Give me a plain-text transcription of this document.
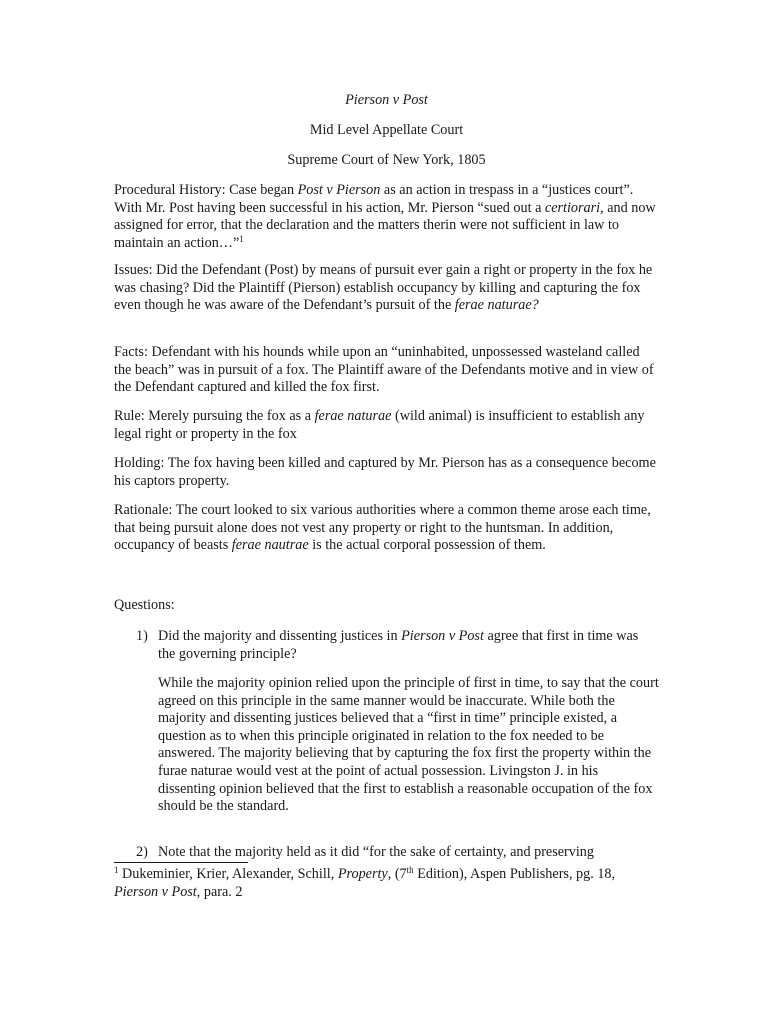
Pierson v Post
Mid Level Appellate Court
Supreme Court of New York, 1805
Procedural History: Case began Post v Pierson as an action in trespass in a “justices court”. With Mr. Post having been successful in his action, Mr. Pierson “sued out a certiorari, and now assigned for error, that the declaration and the matters therin were not sufficient in law to maintain an action…”$^1$
Issues: Did the Defendant (Post) by means of pursuit ever gain a right or property in the fox he was chasing? Did the Plaintiff (Pierson) establish occupancy by killing and capturing the fox even though he was aware of the Defendant’s pursuit of the ferae naturae?
Facts: Defendant with his hounds while upon an “uninhabited, unpossessed wasteland called the beach” was in pursuit of a fox. The Plaintiff aware of the Defendants motive and in view of the Defendant captured and killed the fox first.
Rule: Merely pursuing the fox as a ferae naturae (wild animal) is insufficient to establish any legal right or property in the fox
Holding: The fox having been killed and captured by Mr. Pierson has as a consequence become his captors property.
Rationale: The court looked to six various authorities where a common theme arose each time, that being pursuit alone does not vest any property or right to the huntsman. In addition, occupancy of beasts ferae nautrae is the actual corporal possession of them.
Questions:
1) Did the majority and dissenting justices in Pierson v Post agree that first in time was the governing principle?
While the majority opinion relied upon the principle of first in time, to say that the court agreed on this principle in the same manner would be inaccurate. While both the majority and dissenting justices believed that a “first in time” principle existed, a question as to when this principle originated in relation to the fox needed to be answered. The majority believing that by capturing the fox first the property within the furae naturae would vest at the point of actual possession. Livingston J. in his dissenting opinion believed that the first to establish a reasonable occupation of the fox should be the standard.
2) Note that the majority held as it did “for the sake of certainty, and preserving
$^1$ Dukeminier, Krier, Alexander, Schill, Property, (7th Edition), Aspen Publishers, pg. 18, Pierson v Post, para. 2
